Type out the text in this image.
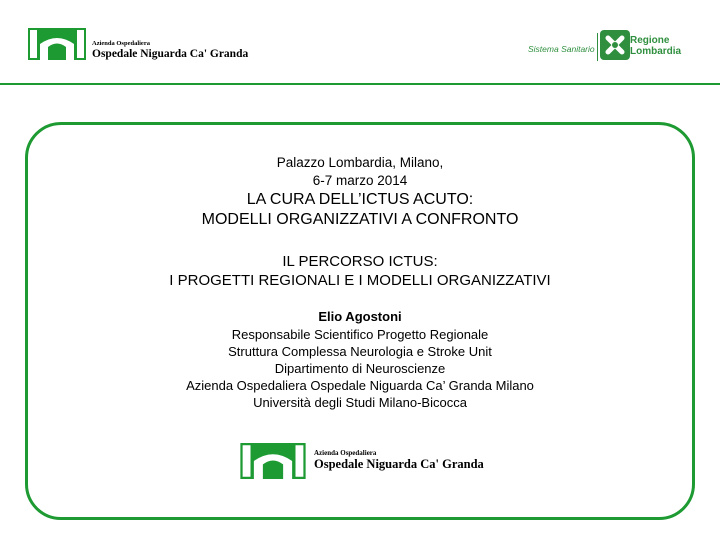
Azienda Ospedaliera
Ospedale Niguarda Ca' Granda	Sistema Sanitario
Regione
Lombardia
Palazzo Lombardia, Milano,
6-7 marzo 2014
LA CURA DELL’ICTUS ACUTO:
MODELLI ORGANIZZATIVI A CONFRONTO
IL PERCORSO ICTUS:
I PROGETTI REGIONALI E I MODELLI ORGANIZZATIVI
Elio Agostoni
Responsabile Scientifico Progetto Regionale
Struttura Complessa Neurologia e Stroke Unit
Dipartimento di Neuroscienze
Azienda Ospedaliera Ospedale Niguarda Ca’ Granda Milano
Università degli Studi Milano-Bicocca
Azienda Ospedaliera
Ospedale Niguarda Ca' Granda
